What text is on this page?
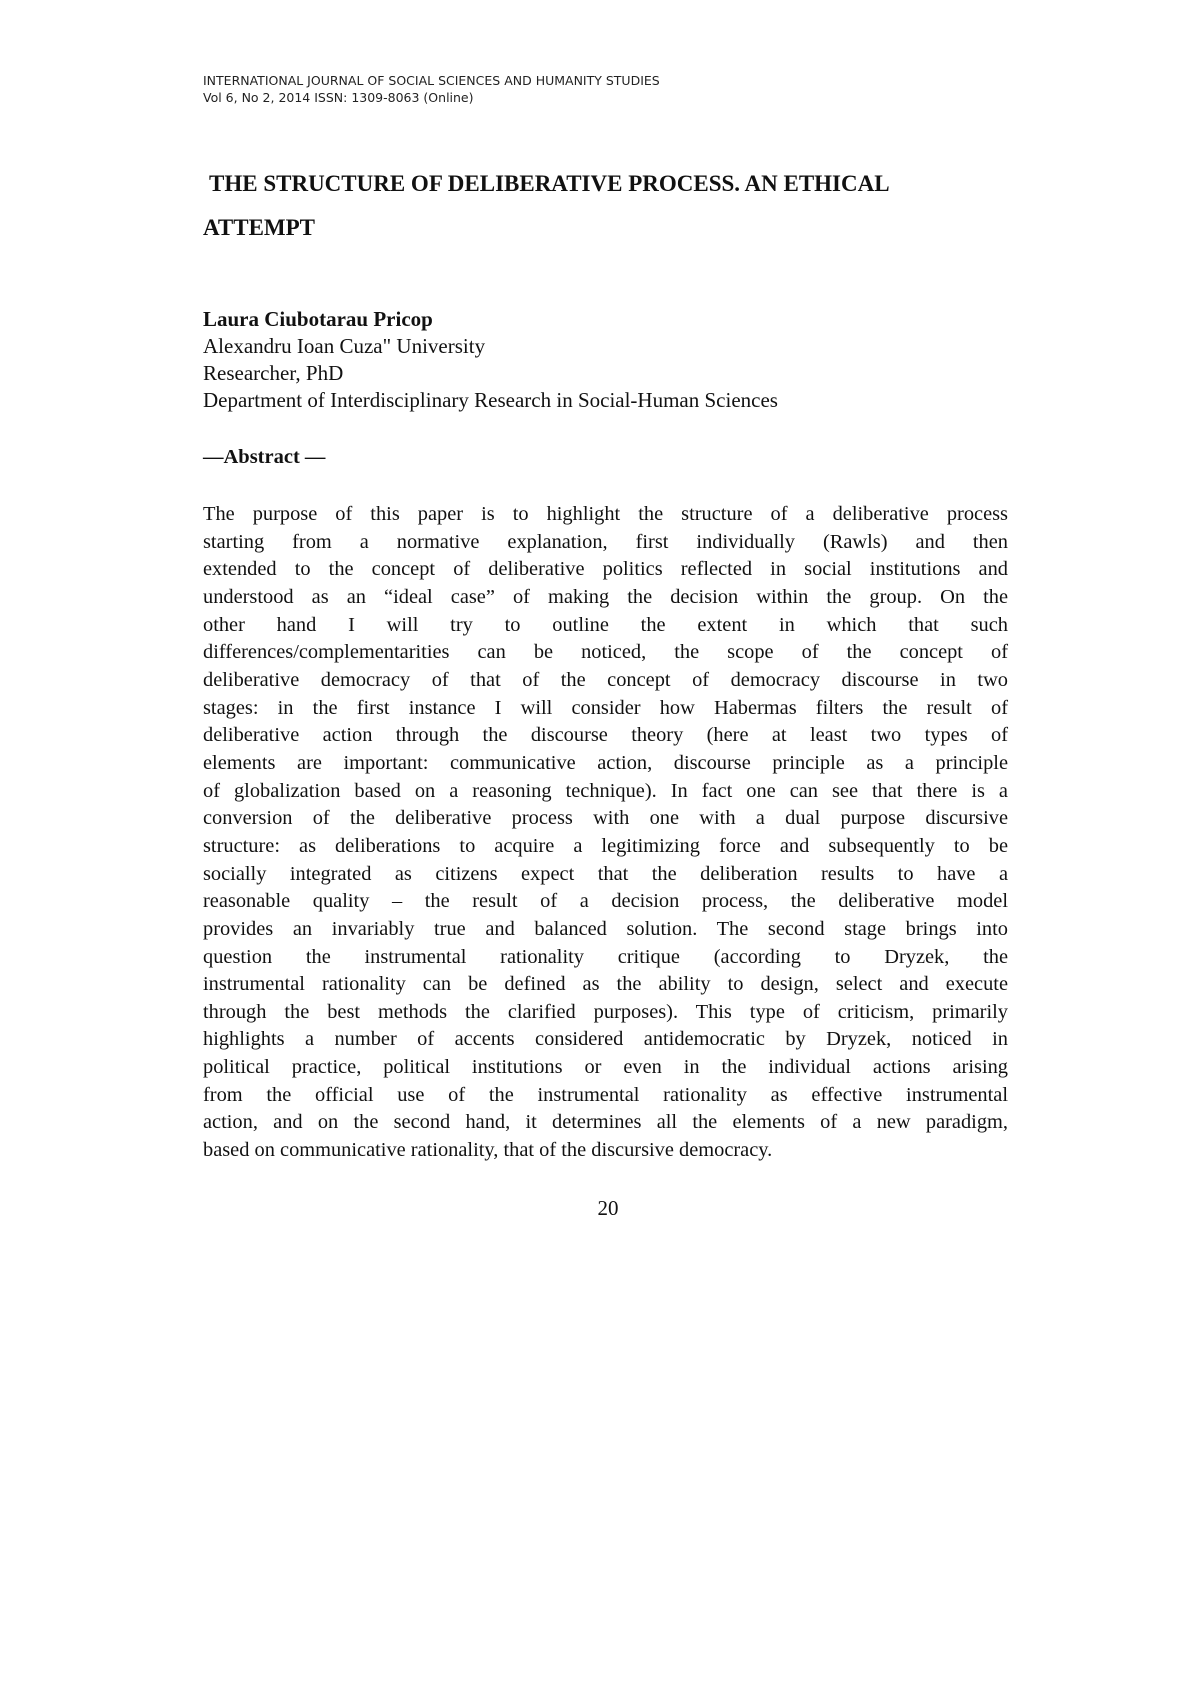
INTERNATIONAL JOURNAL OF SOCIAL SCIENCES AND HUMANITY STUDIES
Vol 6, No 2, 2014 ISSN: 1309-8063 (Online)
THE STRUCTURE OF DELIBERATIVE PROCESS. AN ETHICAL
ATTEMPT
Laura Ciubotarau Pricop
Alexandru Ioan Cuza" University
Researcher, PhD
Department of Interdisciplinary Research in Social-Human Sciences
—Abstract —
The purpose of this paper is to highlight the structure of a deliberative process
starting from a normative explanation, first individually (Rawls) and then
extended to the concept of deliberative politics reflected in social institutions and
understood as an “ideal case” of making the decision within the group. On the
other hand I will try to outline the extent in which that such
differences/complementarities can be noticed, the scope of the concept of
deliberative democracy of that of the concept of democracy discourse in two
stages: in the first instance I will consider how Habermas filters the result of
deliberative action through the discourse theory (here at least two types of
elements are important: communicative action, discourse principle as a principle
of globalization based on a reasoning technique). In fact one can see that there is a
conversion of the deliberative process with one with a dual purpose discursive
structure: as deliberations to acquire a legitimizing force and subsequently to be
socially integrated as citizens expect that the deliberation results to have a
reasonable quality – the result of a decision process, the deliberative model
provides an invariably true and balanced solution. The second stage brings into
question the instrumental rationality critique (according to Dryzek, the
instrumental rationality can be defined as the ability to design, select and execute
through the best methods the clarified purposes). This type of criticism, primarily
highlights a number of accents considered antidemocratic by Dryzek, noticed in
political practice, political institutions or even in the individual actions arising
from the official use of the instrumental rationality as effective instrumental
action, and on the second hand, it determines all the elements of a new paradigm,
based on communicative rationality, that of the discursive democracy.
20
